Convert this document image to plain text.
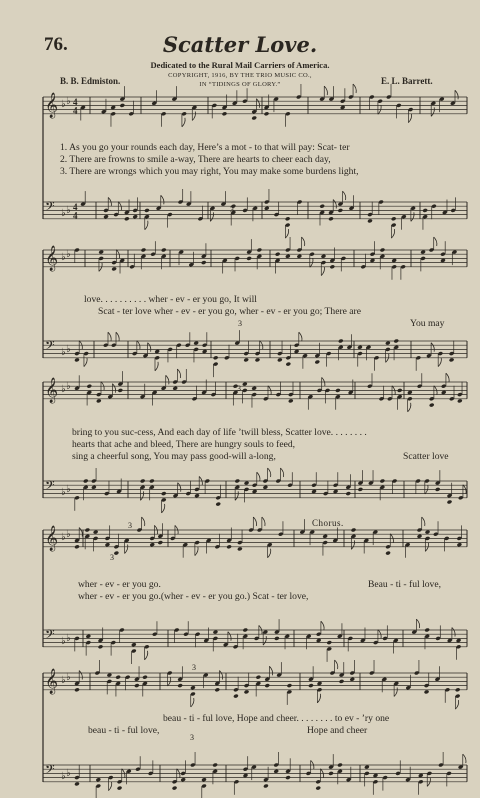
76.	Scatter Love.
Dedicated to the Rural Mail Carriers of America.
COPYRIGHT, 1916, BY THE TRIO MUSIC CO.,
IN “TIDINGS OF GLORY.”
B. B. Edmiston.	E. L. Barrett.
𝄞 ♭ ♭ 4
4
𝄢 ♭ ♭ 4
4
𝄞 ♭ ♭
𝄢 ♭ ♭
𝄞 ♭ ♭
𝄢 ♭ ♭
𝄞 ♭ ♭
𝄢 ♭ ♭
𝄞 ♭ ♭
𝄢 ♭ ♭
3
3
3
3
3
3
3
1. As you go your rounds each day, Here’s a mot - to that will pay: Scat- ter
2. There are frowns to smile a-way, There are hearts to cheer each day,
3. There are wrongs which you may right, You may make some burdens light,
love. . . . . . . . . . wher - ev - er you go, It will
Scat - ter love wher - ev - er you go, wher - ev - er you go; There are
You may
bring to you suc-cess, And each day of life ’twill bless, Scatter love. . . . . . . .
hearts that ache and bleed, There are hungry souls to feed,
sing a cheerful song, You may pass good-will a-long,	Scatter love
Chorus.
wher - ev - er you go.	Beau - ti - ful love,
wher - ev - er you go.(wher - ev - er you go.) Scat - ter love,
beau - ti - ful love, Hope and cheer. . . . . . . . to ev - ’ry one
beau - ti - ful love,	Hope and cheer
